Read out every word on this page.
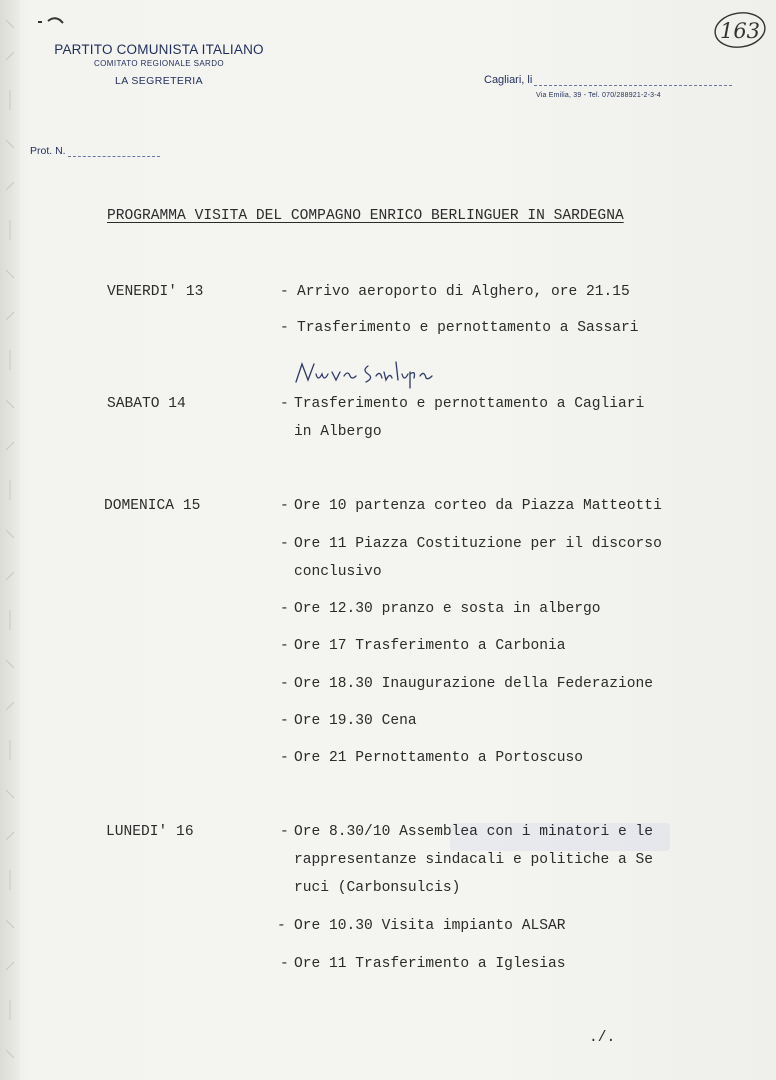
PARTITO COMUNISTA ITALIANO
COMITATO REGIONALE SARDO
LA SEGRETERIA	Cagliari, li
Via Emilia, 39 - Tel. 070/288921-2-3-4
Prot. N.
163
PROGRAMMA VISITA DEL COMPAGNO ENRICO BERLINGUER IN SARDEGNA
VENERDI' 13	- Arrivo aeroporto di Alghero, ore 21.15
- Trasferimento e pernottamento a Sassari
SABATO 14	- Trasferimento e pernottamento a Cagliari
in Albergo
DOMENICA 15	- Ore 10 partenza corteo da Piazza Matteotti
- Ore 11 Piazza Costituzione per il discorso
conclusivo
- Ore 12.30 pranzo e sosta in albergo
- Ore 17 Trasferimento a Carbonia
- Ore 18.30 Inaugurazione della Federazione
- Ore 19.30 Cena
- Ore 21 Pernottamento a Portoscuso
LUNEDI' 16	- Ore 8.30/10 Assemblea con i minatori e le
rappresentanze sindacali e politiche a Se
ruci (Carbonsulcis)
- Ore 10.30 Visita impianto ALSAR
- Ore 11 Trasferimento a Iglesias
./.
